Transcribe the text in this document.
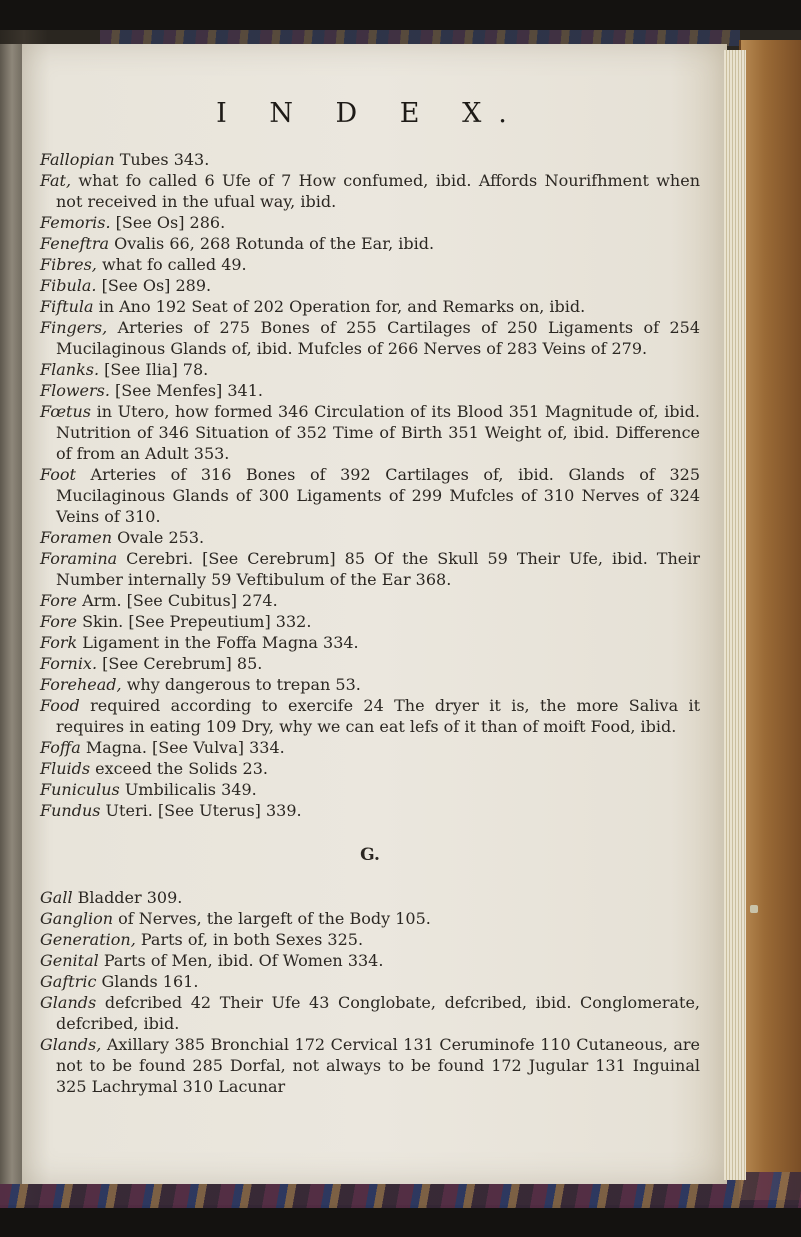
I N D E X.

Fallopian Tubes 343.

Fat, what fo called 6 Ufe of 7 How confumed, ibid. Affords Nourifhment when not received in the ufual way, ibid.

Femoris. [See Os] 286.

Feneftra Ovalis 66, 268 Rotunda of the Ear, ibid.

Fibres, what fo called 49.

Fibula. [See Os] 289.

Fiftula in Ano 192 Seat of 202 Operation for, and Remarks on, ibid.

Fingers, Arteries of 275 Bones of 255 Cartilages of 250 Ligaments of 254 Mucilaginous Glands of, ibid. Mufcles of 266 Nerves of 283 Veins of 279.

Flanks. [See Ilia] 78.

Flowers. [See Menfes] 341.

Fœtus in Utero, how formed 346 Circulation of its Blood 351 Magnitude of, ibid. Nutrition of 346 Situation of 352 Time of Birth 351 Weight of, ibid. Difference of from an Adult 353.

Foot Arteries of 316 Bones of 392 Cartilages of, ibid. Glands of 325 Mucilaginous Glands of 300 Ligaments of 299 Mufcles of 310 Nerves of 324 Veins of 310.

Foramen Ovale 253.

Foramina Cerebri. [See Cerebrum] 85 Of the Skull 59 Their Ufe, ibid. Their Number internally 59 Veftibulum of the Ear 368.

Fore Arm. [See Cubitus] 274.

Fore Skin. [See Prepeutium] 332.

Fork Ligament in the Foffa Magna 334.

Fornix. [See Cerebrum] 85.

Forehead, why dangerous to trepan 53.

Food required according to exercife 24 The dryer it is, the more Saliva it requires in eating 109 Dry, why we can eat lefs of it than of moift Food, ibid.

Foffa Magna. [See Vulva] 334.

Fluids exceed the Solids 23.

Funiculus Umbilicalis 349.

Fundus Uteri. [See Uterus] 339.

G.

Gall Bladder 309.

Ganglion of Nerves, the largeft of the Body 105.

Generation, Parts of, in both Sexes 325.

Genital Parts of Men, ibid. Of Women 334.

Gaftric Glands 161.

Glands defcribed 42 Their Ufe 43 Conglobate, defcribed, ibid. Conglomerate, defcribed, ibid.

Glands, Axillary 385 Bronchial 172 Cervical 131 Ceruminofe 110 Cutaneous, are not to be found 285 Dorfal, not always to be found 172 Jugular 131 Inguinal 325 Lachrymal 310 Lacunar
